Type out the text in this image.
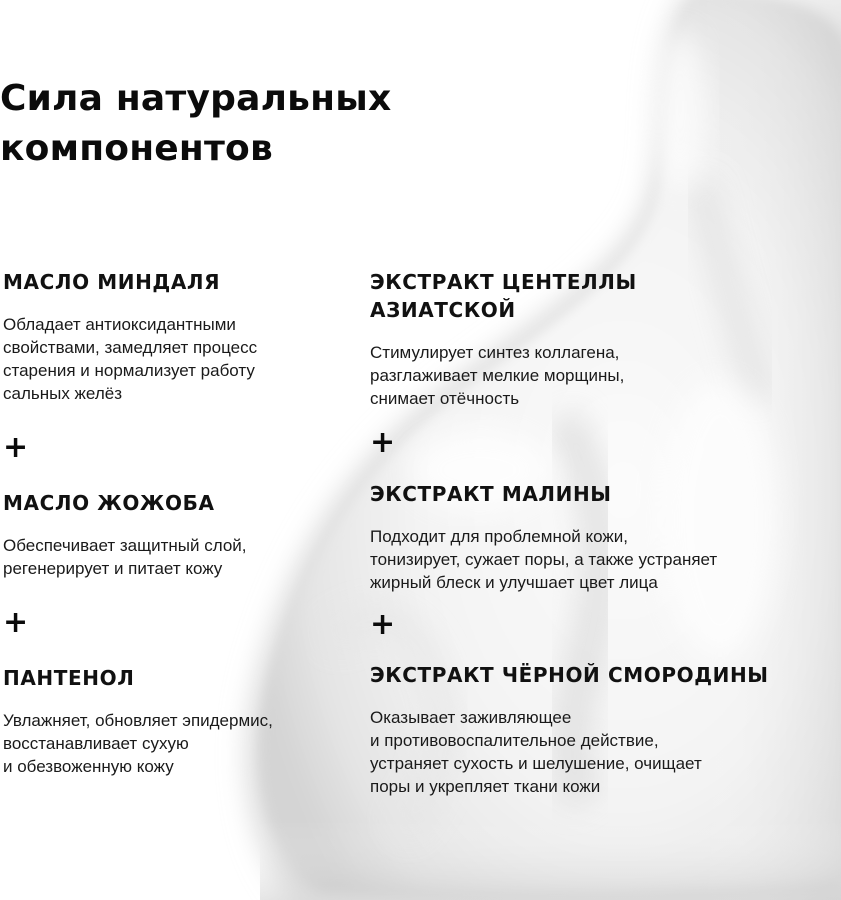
Сила натуральных
компонентов

МАСЛО МИНДАЛЯ

Обладает антиоксидантными
свойствами, замедляет процесс
старения и нормализует работу
сальных желёз

+

МАСЛО ЖОЖОБА

Обеспечивает защитный слой,
регенерирует и питает кожу

+

ПАНТЕНОЛ

Увлажняет, обновляет эпидермис,
восстанавливает сухую
и обезвоженную кожу

ЭКСТРАКТ ЦЕНТЕЛЛЫ
АЗИАТСКОЙ

Стимулирует синтез коллагена,
разглаживает мелкие морщины,
снимает отёчность

+

ЭКСТРАКТ МАЛИНЫ

Подходит для проблемной кожи,
тонизирует, сужает поры, а также устраняет
жирный блеск и улучшает цвет лица

+

ЭКСТРАКТ ЧЁРНОЙ СМОРОДИНЫ

Оказывает заживляющее
и противовоспалительное действие,
устраняет сухость и шелушение, очищает
поры и укрепляет ткани кожи
